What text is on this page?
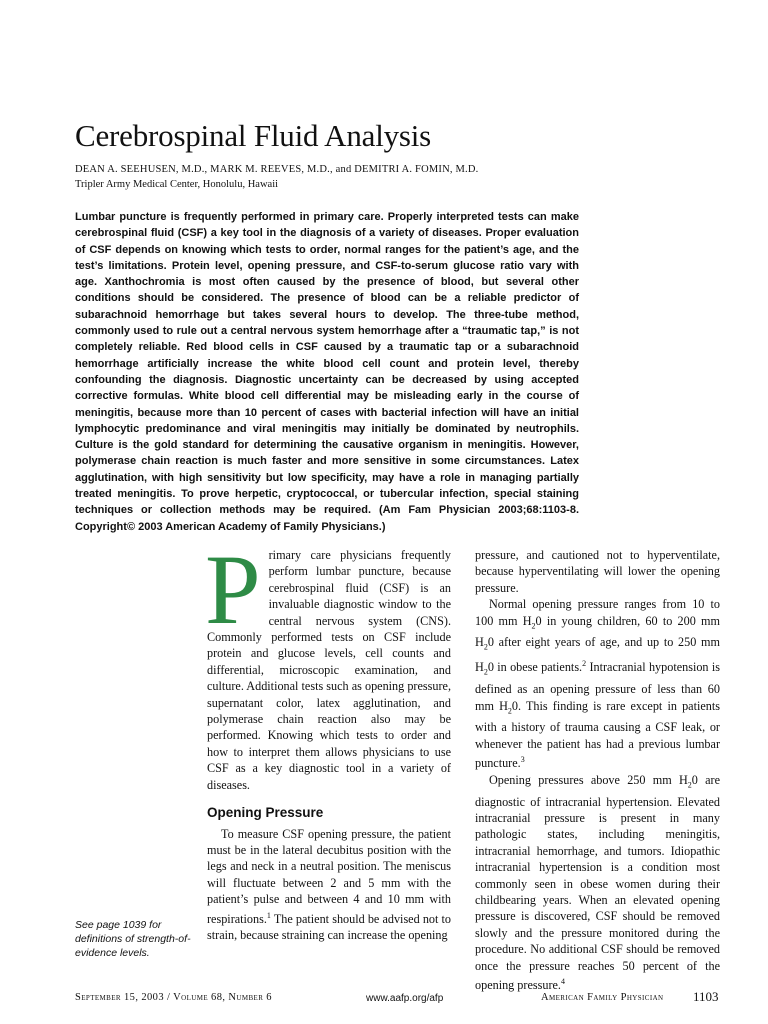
Cerebrospinal Fluid Analysis
DEAN A. SEEHUSEN, M.D., MARK M. REEVES, M.D., and DEMITRI A. FOMIN, M.D.
Tripler Army Medical Center, Honolulu, Hawaii

Lumbar puncture is frequently performed in primary care. Properly interpreted tests can make cerebrospinal fluid (CSF) a key tool in the diagnosis of a variety of diseases. Proper evaluation of CSF depends on knowing which tests to order, normal ranges for the patient’s age, and the test’s limitations. Protein level, opening pressure, and CSF-to-serum glucose ratio vary with age. Xanthochromia is most often caused by the presence of blood, but several other conditions should be considered. The presence of blood can be a reliable predictor of subarachnoid hemorrhage but takes several hours to develop. The three-tube method, commonly used to rule out a central nervous system hemorrhage after a “traumatic tap,” is not completely reliable. Red blood cells in CSF caused by a traumatic tap or a subarachnoid hemorrhage artificially increase the white blood cell count and protein level, thereby confounding the diagnosis. Diagnostic uncertainty can be decreased by using accepted corrective formulas. White blood cell differential may be misleading early in the course of meningitis, because more than 10 percent of cases with bacterial infection will have an initial lymphocytic predominance and viral meningitis may initially be dominated by neutrophils. Culture is the gold standard for determining the causative organism in meningitis. However, polymerase chain reaction is much faster and more sensitive in some circumstances. Latex agglutination, with high sensitivity but low specificity, may have a role in managing partially treated meningitis. To prove herpetic, cryptococcal, or tubercular infection, special staining techniques or collection methods may be required. (Am Fam Physician 2003;68:1103-8. Copyright© 2003 American Academy of Family Physicians.)

P rimary care physicians frequently perform lumbar puncture, because cerebrospinal fluid (CSF) is an invaluable diagnostic window to the central nervous system (CNS). Commonly performed tests on CSF include protein and glucose levels, cell counts and differential, microscopic examination, and culture. Additional tests such as opening pressure, supernatant color, latex agglutination, and polymerase chain reaction also may be performed. Knowing which tests to order and how to interpret them allows physicians to use CSF as a key diagnostic tool in a variety of diseases.

Opening Pressure

To measure CSF opening pressure, the patient must be in the lateral decubitus position with the legs and neck in a neutral position. The meniscus will fluctuate between 2 and 5 mm with the patient’s pulse and between 4 and 10 mm with respirations.$^1$ The patient should be advised not to strain, because straining can increase the opening

pressure, and cautioned not to hyperventilate, because hyperventilating will lower the opening pressure.

Normal opening pressure ranges from 10 to 100 mm $H_20$ in young children, 60 to 200 mm $H_20$ after eight years of age, and up to 250 mm $H_20$ in obese patients.$^2$ Intracranial hypotension is defined as an opening pressure of less than 60 mm $H_20$. This finding is rare except in patients with a history of trauma causing a CSF leak, or whenever the patient has had a previous lumbar puncture.$^3$

Opening pressures above 250 mm $H_20$ are diagnostic of intracranial hypertension. Elevated intracranial pressure is present in many pathologic states, including meningitis, intracranial hemorrhage, and tumors. Idiopathic intracranial hypertension is a condition most commonly seen in obese women during their childbearing years. When an elevated opening pressure is discovered, CSF should be removed slowly and the pressure monitored during the procedure. No additional CSF should be removed once the pressure reaches 50 percent of the opening pressure.$^4$

See page 1039 for definitions of strength-of-evidence levels.
September 15, 2003 / Volume 68, Number 6	www.aafp.org/afp	American Family Physician 1103
